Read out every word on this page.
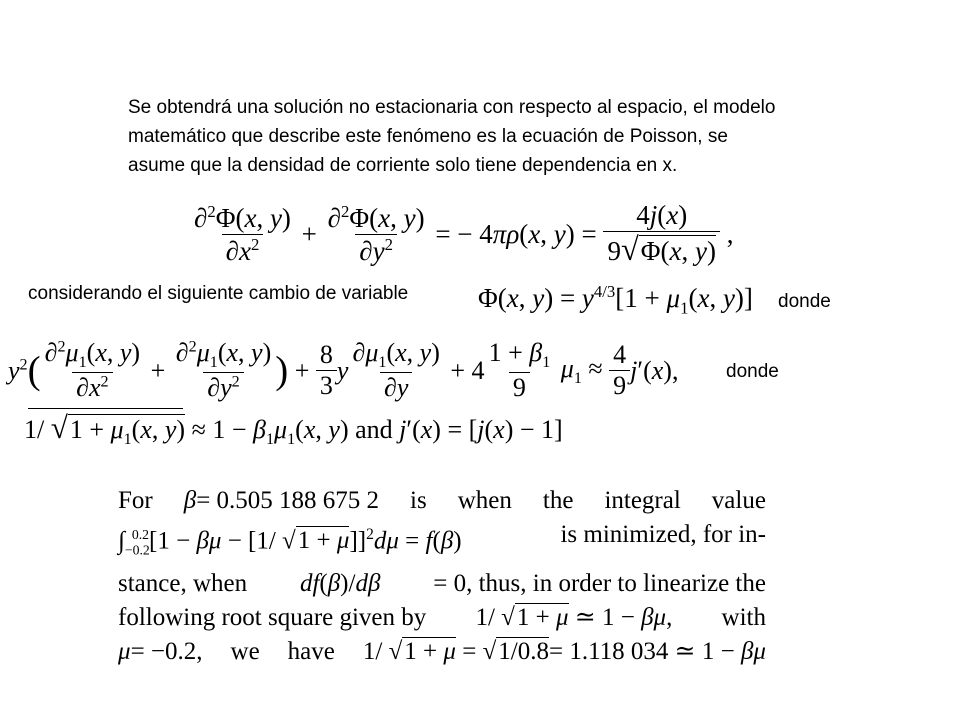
Se obtendrá una solución no estacionaria con respecto al espacio, el modelo
matemático que describe este fenómeno es la ecuación de Poisson, se
asume que la densidad de corriente solo tiene dependencia en x.
$\frac{\partial^2\Phi(x, y)}{\partial x^2} + \frac{\partial^2\Phi(x, y)}{\partial y^2}$ = − 4πρ(x, $y) = \frac{4j(x)}{9√\Phi(x, y)}$ ,
considerando el siguiente cambio de variable	Φ(x, $y) = y^{4/3}[1 + \mu_1(x$, y)] donde
$y^2$ ( $\frac{\partial^2\mu_1(x, y)}{\partial x^2} + \frac{\partial^2\mu_1(x, y)}{\partial y^2}$ ) + $\frac{8}{3}$ y $\frac{\partial\mu_1(x, y)}{\partial y} + 4 \frac{1 + \beta_1}{9} \mu_1 \approx \frac{4}{9} j'(x)$,	donde
1/ $√1 + \mu_1(x$, $y) \approx 1 - \beta_1\mu_1(x$, y) and j′(x) = [j(x) − 1]
For β= 0.505 188 675 2 is when the integral value
$\int_{-0.2}^{0.2}[1 - \beta\mu - [1/$ √1 + μ]]$^2$dμ = f(β)	is minimized, for in-
stance, when df(β)/dβ = 0, thus, in order to linearize the
following root square given by 1/ √1 + μ ≃ 1 − βμ, with
μ= −0.2, we have 1/ √1 + μ = √1/0.8= 1.118 034 ≃ 1 − βμ
